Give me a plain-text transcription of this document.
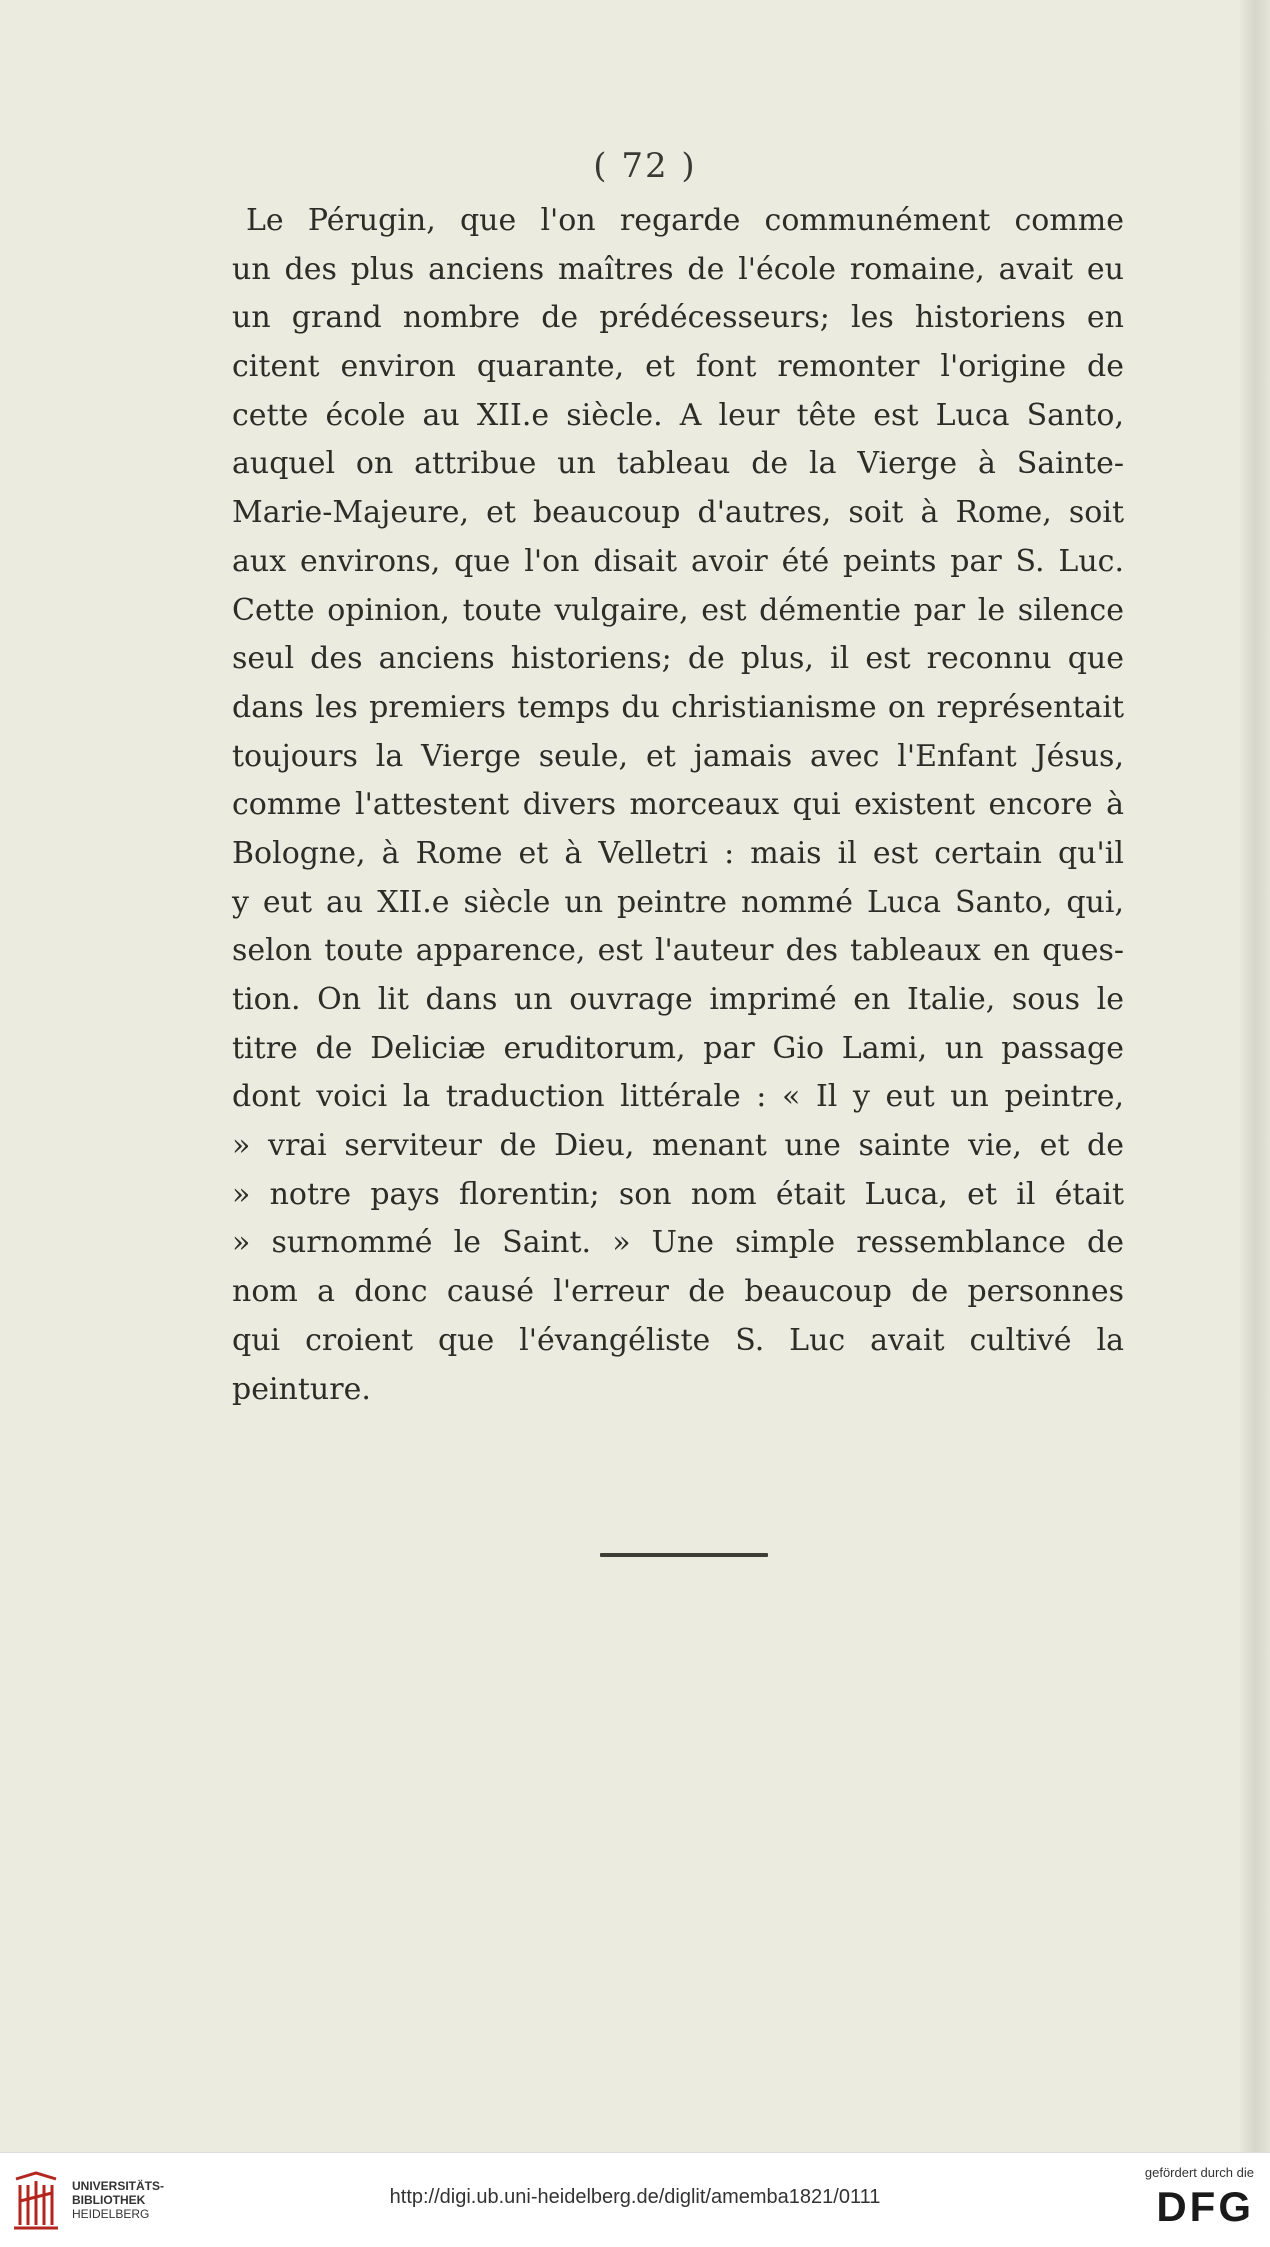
( 72 )

Le Pérugin, que l'on regarde communément comme
un des plus anciens maîtres de l'école romaine, avait eu
un grand nombre de prédécesseurs; les historiens en
citent environ quarante, et font remonter l'origine de
cette école au XII.e siècle. A leur tête est Luca Santo,
auquel on attribue un tableau de la Vierge à Sainte-
Marie-Majeure, et beaucoup d'autres, soit à Rome, soit
aux environs, que l'on disait avoir été peints par S. Luc.
Cette opinion, toute vulgaire, est démentie par le silence
seul des anciens historiens; de plus, il est reconnu que
dans les premiers temps du christianisme on représentait
toujours la Vierge seule, et jamais avec l'Enfant Jésus,
comme l'attestent divers morceaux qui existent encore à
Bologne, à Rome et à Velletri : mais il est certain qu'il
y eut au XII.e siècle un peintre nommé Luca Santo, qui,
selon toute apparence, est l'auteur des tableaux en ques-
tion. On lit dans un ouvrage imprimé en Italie, sous le
titre de Deliciæ eruditorum, par Gio Lami, un passage
dont voici la traduction littérale : « Il y eut un peintre,
» vrai serviteur de Dieu, menant une sainte vie, et de
» notre pays florentin; son nom était Luca, et il était
» surnommé le Saint. » Une simple ressemblance de
nom a donc causé l'erreur de beaucoup de personnes
qui croient que l'évangéliste S. Luc avait cultivé la
peinture.
UNIVERSITÄTS-
BIBLIOTHEK
HEIDELBERG
http://digi.ub.uni-heidelberg.de/diglit/amemba1821/0111
gefördert durch die
DFG
